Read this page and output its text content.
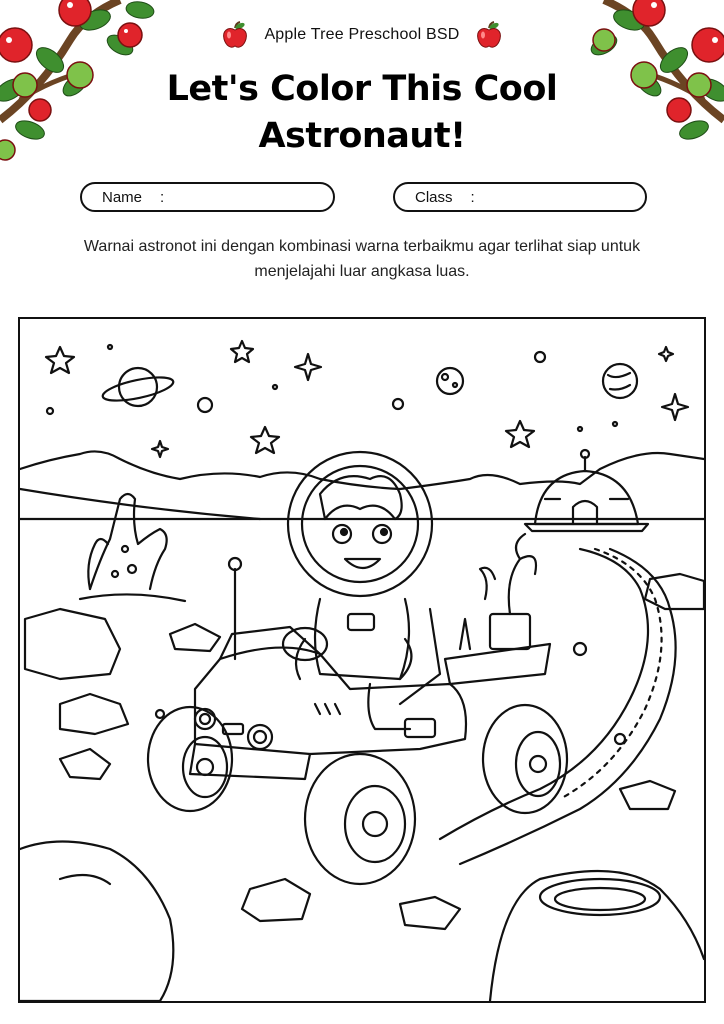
Apple Tree Preschool BSD
Let's Color This Cool Astronaut!
Name :	Class :

Warnai astronot ini dengan kombinasi warna terbaikmu agar terlihat siap untuk menjelajahi luar angkasa luas.
